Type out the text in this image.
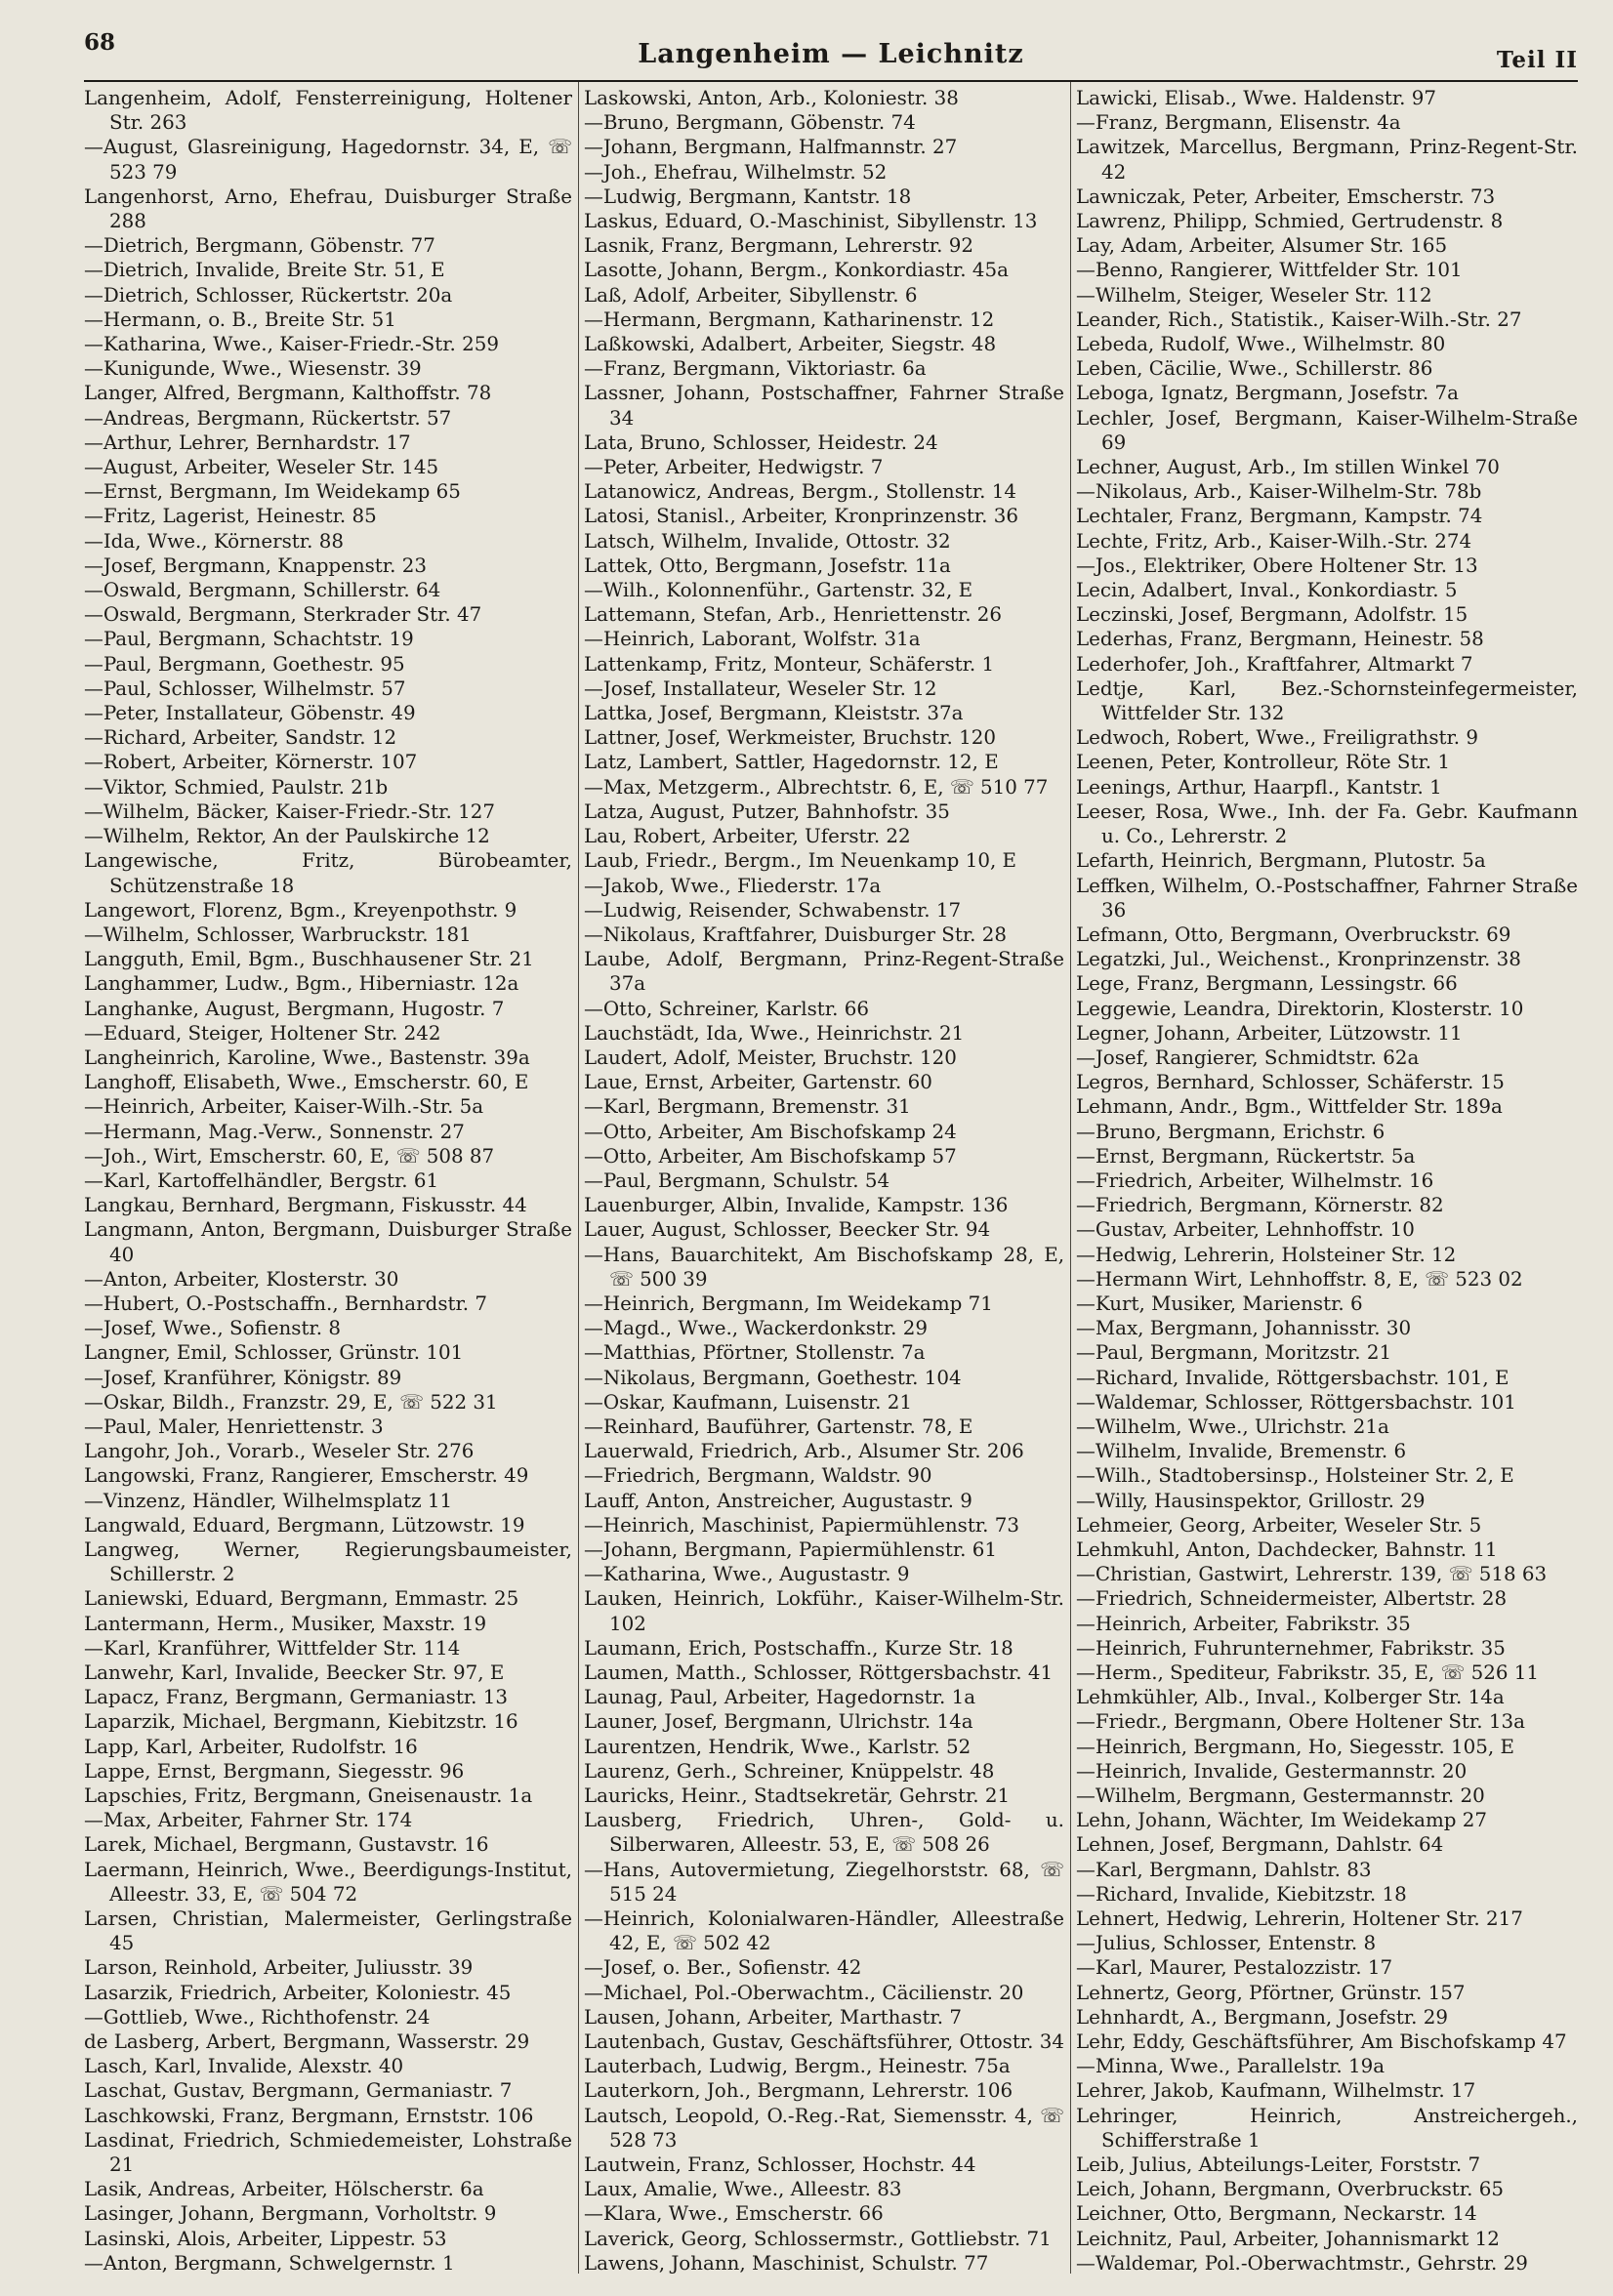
68	Langenheim — Leichnitz	Teil II

Langenheim, Adolf, Fensterreinigung, Holtener Str. 263

—August, Glasreinigung, Hagedornstr. 34, E, ☏ 523 79

Langenhorst, Arno, Ehefrau, Duisburger Straße 288

—Dietrich, Bergmann, Göbenstr. 77

—Dietrich, Invalide, Breite Str. 51, E

—Dietrich, Schlosser, Rückertstr. 20a

—Hermann, o. B., Breite Str. 51

—Katharina, Wwe., Kaiser-Friedr.-Str. 259

—Kunigunde, Wwe., Wiesenstr. 39

Langer, Alfred, Bergmann, Kalthoffstr. 78

—Andreas, Bergmann, Rückertstr. 57

—Arthur, Lehrer, Bernhardstr. 17

—August, Arbeiter, Weseler Str. 145

—Ernst, Bergmann, Im Weidekamp 65

—Fritz, Lagerist, Heinestr. 85

—Ida, Wwe., Körnerstr. 88

—Josef, Bergmann, Knappenstr. 23

—Oswald, Bergmann, Schillerstr. 64

—Oswald, Bergmann, Sterkrader Str. 47

—Paul, Bergmann, Schachtstr. 19

—Paul, Bergmann, Goethestr. 95

—Paul, Schlosser, Wilhelmstr. 57

—Peter, Installateur, Göbenstr. 49

—Richard, Arbeiter, Sandstr. 12

—Robert, Arbeiter, Körnerstr. 107

—Viktor, Schmied, Paulstr. 21b

—Wilhelm, Bäcker, Kaiser-Friedr.-Str. 127

—Wilhelm, Rektor, An der Paulskirche 12

Langewische, Fritz, Bürobeamter, Schützenstraße 18

Langewort, Florenz, Bgm., Kreyenpothstr. 9

—Wilhelm, Schlosser, Warbruckstr. 181

Langguth, Emil, Bgm., Buschhausener Str. 21

Langhammer, Ludw., Bgm., Hiberniastr. 12a

Langhanke, August, Bergmann, Hugostr. 7

—Eduard, Steiger, Holtener Str. 242

Langheinrich, Karoline, Wwe., Bastenstr. 39a

Langhoff, Elisabeth, Wwe., Emscherstr. 60, E

—Heinrich, Arbeiter, Kaiser-Wilh.-Str. 5a

—Hermann, Mag.-Verw., Sonnenstr. 27

—Joh., Wirt, Emscherstr. 60, E, ☏ 508 87

—Karl, Kartoffelhändler, Bergstr. 61

Langkau, Bernhard, Bergmann, Fiskusstr. 44

Langmann, Anton, Bergmann, Duisburger Straße 40

—Anton, Arbeiter, Klosterstr. 30

—Hubert, O.-Postschaffn., Bernhardstr. 7

—Josef, Wwe., Sofienstr. 8

Langner, Emil, Schlosser, Grünstr. 101

—Josef, Kranführer, Königstr. 89

—Oskar, Bildh., Franzstr. 29, E, ☏ 522 31

—Paul, Maler, Henriettenstr. 3

Langohr, Joh., Vorarb., Weseler Str. 276

Langowski, Franz, Rangierer, Emscherstr. 49

—Vinzenz, Händler, Wilhelmsplatz 11

Langwald, Eduard, Bergmann, Lützowstr. 19

Langweg, Werner, Regierungsbaumeister, Schillerstr. 2

Laniewski, Eduard, Bergmann, Emmastr. 25

Lantermann, Herm., Musiker, Maxstr. 19

—Karl, Kranführer, Wittfelder Str. 114

Lanwehr, Karl, Invalide, Beecker Str. 97, E

Lapacz, Franz, Bergmann, Germaniastr. 13

Laparzik, Michael, Bergmann, Kiebitzstr. 16

Lapp, Karl, Arbeiter, Rudolfstr. 16

Lappe, Ernst, Bergmann, Siegesstr. 96

Lapschies, Fritz, Bergmann, Gneisenaustr. 1a

—Max, Arbeiter, Fahrner Str. 174

Larek, Michael, Bergmann, Gustavstr. 16

Laermann, Heinrich, Wwe., Beerdigungs-Institut, Alleestr. 33, E, ☏ 504 72

Larsen, Christian, Malermeister, Gerlingstraße 45

Larson, Reinhold, Arbeiter, Juliusstr. 39

Lasarzik, Friedrich, Arbeiter, Koloniestr. 45

—Gottlieb, Wwe., Richthofenstr. 24

de Lasberg, Arbert, Bergmann, Wasserstr. 29

Lasch, Karl, Invalide, Alexstr. 40

Laschat, Gustav, Bergmann, Germaniastr. 7

Laschkowski, Franz, Bergmann, Ernststr. 106

Lasdinat, Friedrich, Schmiedemeister, Lohstraße 21

Lasik, Andreas, Arbeiter, Hölscherstr. 6a

Lasinger, Johann, Bergmann, Vorholtstr. 9

Lasinski, Alois, Arbeiter, Lippestr. 53

—Anton, Bergmann, Schwelgernstr. 1

Laskowski, Anton, Arb., Koloniestr. 38

—Bruno, Bergmann, Göbenstr. 74

—Johann, Bergmann, Halfmannstr. 27

—Joh., Ehefrau, Wilhelmstr. 52

—Ludwig, Bergmann, Kantstr. 18

Laskus, Eduard, O.-Maschinist, Sibyllenstr. 13

Lasnik, Franz, Bergmann, Lehrerstr. 92

Lasotte, Johann, Bergm., Konkordiastr. 45a

Laß, Adolf, Arbeiter, Sibyllenstr. 6

—Hermann, Bergmann, Katharinenstr. 12

Laßkowski, Adalbert, Arbeiter, Siegstr. 48

—Franz, Bergmann, Viktoriastr. 6a

Lassner, Johann, Postschaffner, Fahrner Straße 34

Lata, Bruno, Schlosser, Heidestr. 24

—Peter, Arbeiter, Hedwigstr. 7

Latanowicz, Andreas, Bergm., Stollenstr. 14

Latosi, Stanisl., Arbeiter, Kronprinzenstr. 36

Latsch, Wilhelm, Invalide, Ottostr. 32

Lattek, Otto, Bergmann, Josefstr. 11a

—Wilh., Kolonnenführ., Gartenstr. 32, E

Lattemann, Stefan, Arb., Henriettenstr. 26

—Heinrich, Laborant, Wolfstr. 31a

Lattenkamp, Fritz, Monteur, Schäferstr. 1

—Josef, Installateur, Weseler Str. 12

Lattka, Josef, Bergmann, Kleiststr. 37a

Lattner, Josef, Werkmeister, Bruchstr. 120

Latz, Lambert, Sattler, Hagedornstr. 12, E

—Max, Metzgerm., Albrechtstr. 6, E, ☏ 510 77

Latza, August, Putzer, Bahnhofstr. 35

Lau, Robert, Arbeiter, Uferstr. 22

Laub, Friedr., Bergm., Im Neuenkamp 10, E

—Jakob, Wwe., Fliederstr. 17a

—Ludwig, Reisender, Schwabenstr. 17

—Nikolaus, Kraftfahrer, Duisburger Str. 28

Laube, Adolf, Bergmann, Prinz-Regent-Straße 37a

—Otto, Schreiner, Karlstr. 66

Lauchstädt, Ida, Wwe., Heinrichstr. 21

Laudert, Adolf, Meister, Bruchstr. 120

Laue, Ernst, Arbeiter, Gartenstr. 60

—Karl, Bergmann, Bremenstr. 31

—Otto, Arbeiter, Am Bischofskamp 24

—Otto, Arbeiter, Am Bischofskamp 57

—Paul, Bergmann, Schulstr. 54

Lauenburger, Albin, Invalide, Kampstr. 136

Lauer, August, Schlosser, Beecker Str. 94

—Hans, Bauarchitekt, Am Bischofskamp 28, E, ☏ 500 39

—Heinrich, Bergmann, Im Weidekamp 71

—Magd., Wwe., Wackerdonkstr. 29

—Matthias, Pförtner, Stollenstr. 7a

—Nikolaus, Bergmann, Goethestr. 104

—Oskar, Kaufmann, Luisenstr. 21

—Reinhard, Bauführer, Gartenstr. 78, E

Lauerwald, Friedrich, Arb., Alsumer Str. 206

—Friedrich, Bergmann, Waldstr. 90

Lauff, Anton, Anstreicher, Augustastr. 9

—Heinrich, Maschinist, Papiermühlenstr. 73

—Johann, Bergmann, Papiermühlenstr. 61

—Katharina, Wwe., Augustastr. 9

Lauken, Heinrich, Lokführ., Kaiser-Wilhelm-Str. 102

Laumann, Erich, Postschaffn., Kurze Str. 18

Laumen, Matth., Schlosser, Röttgersbachstr. 41

Launag, Paul, Arbeiter, Hagedornstr. 1a

Launer, Josef, Bergmann, Ulrichstr. 14a

Laurentzen, Hendrik, Wwe., Karlstr. 52

Laurenz, Gerh., Schreiner, Knüppelstr. 48

Lauricks, Heinr., Stadtsekretär, Gehrstr. 21

Lausberg, Friedrich, Uhren-, Gold- u. Silberwaren, Alleestr. 53, E, ☏ 508 26

—Hans, Autovermietung, Ziegelhorststr. 68, ☏ 515 24

—Heinrich, Kolonialwaren-Händler, Alleestraße 42, E, ☏ 502 42

—Josef, o. Ber., Sofienstr. 42

—Michael, Pol.-Oberwachtm., Cäcilienstr. 20

Lausen, Johann, Arbeiter, Marthastr. 7

Lautenbach, Gustav, Geschäftsführer, Ottostr. 34

Lauterbach, Ludwig, Bergm., Heinestr. 75a

Lauterkorn, Joh., Bergmann, Lehrerstr. 106

Lautsch, Leopold, O.-Reg.-Rat, Siemensstr. 4, ☏ 528 73

Lautwein, Franz, Schlosser, Hochstr. 44

Laux, Amalie, Wwe., Alleestr. 83

—Klara, Wwe., Emscherstr. 66

Laverick, Georg, Schlossermstr., Gottliebstr. 71

Lawens, Johann, Maschinist, Schulstr. 77

Lawicki, Elisab., Wwe. Haldenstr. 97

—Franz, Bergmann, Elisenstr. 4a

Lawitzek, Marcellus, Bergmann, Prinz-Regent-Str. 42

Lawniczak, Peter, Arbeiter, Emscherstr. 73

Lawrenz, Philipp, Schmied, Gertrudenstr. 8

Lay, Adam, Arbeiter, Alsumer Str. 165

—Benno, Rangierer, Wittfelder Str. 101

—Wilhelm, Steiger, Weseler Str. 112

Leander, Rich., Statistik., Kaiser-Wilh.-Str. 27

Lebeda, Rudolf, Wwe., Wilhelmstr. 80

Leben, Cäcilie, Wwe., Schillerstr. 86

Leboga, Ignatz, Bergmann, Josefstr. 7a

Lechler, Josef, Bergmann, Kaiser-Wilhelm-Straße 69

Lechner, August, Arb., Im stillen Winkel 70

—Nikolaus, Arb., Kaiser-Wilhelm-Str. 78b

Lechtaler, Franz, Bergmann, Kampstr. 74

Lechte, Fritz, Arb., Kaiser-Wilh.-Str. 274

—Jos., Elektriker, Obere Holtener Str. 13

Lecin, Adalbert, Inval., Konkordiastr. 5

Leczinski, Josef, Bergmann, Adolfstr. 15

Lederhas, Franz, Bergmann, Heinestr. 58

Lederhofer, Joh., Kraftfahrer, Altmarkt 7

Ledtje, Karl, Bez.-Schornsteinfegermeister, Wittfelder Str. 132

Ledwoch, Robert, Wwe., Freiligrathstr. 9

Leenen, Peter, Kontrolleur, Röte Str. 1

Leenings, Arthur, Haarpfl., Kantstr. 1

Leeser, Rosa, Wwe., Inh. der Fa. Gebr. Kaufmann u. Co., Lehrerstr. 2

Lefarth, Heinrich, Bergmann, Plutostr. 5a

Leffken, Wilhelm, O.-Postschaffner, Fahrner Straße 36

Lefmann, Otto, Bergmann, Overbruckstr. 69

Legatzki, Jul., Weichenst., Kronprinzenstr. 38

Lege, Franz, Bergmann, Lessingstr. 66

Leggewie, Leandra, Direktorin, Klosterstr. 10

Legner, Johann, Arbeiter, Lützowstr. 11

—Josef, Rangierer, Schmidtstr. 62a

Legros, Bernhard, Schlosser, Schäferstr. 15

Lehmann, Andr., Bgm., Wittfelder Str. 189a

—Bruno, Bergmann, Erichstr. 6

—Ernst, Bergmann, Rückertstr. 5a

—Friedrich, Arbeiter, Wilhelmstr. 16

—Friedrich, Bergmann, Körnerstr. 82

—Gustav, Arbeiter, Lehnhoffstr. 10

—Hedwig, Lehrerin, Holsteiner Str. 12

—Hermann Wirt, Lehnhoffstr. 8, E, ☏ 523 02

—Kurt, Musiker, Marienstr. 6

—Max, Bergmann, Johannisstr. 30

—Paul, Bergmann, Moritzstr. 21

—Richard, Invalide, Röttgersbachstr. 101, E

—Waldemar, Schlosser, Röttgersbachstr. 101

—Wilhelm, Wwe., Ulrichstr. 21a

—Wilhelm, Invalide, Bremenstr. 6

—Wilh., Stadtobersinsp., Holsteiner Str. 2, E

—Willy, Hausinspektor, Grillostr. 29

Lehmeier, Georg, Arbeiter, Weseler Str. 5

Lehmkuhl, Anton, Dachdecker, Bahnstr. 11

—Christian, Gastwirt, Lehrerstr. 139, ☏ 518 63

—Friedrich, Schneidermeister, Albertstr. 28

—Heinrich, Arbeiter, Fabrikstr. 35

—Heinrich, Fuhrunternehmer, Fabrikstr. 35

—Herm., Spediteur, Fabrikstr. 35, E, ☏ 526 11

Lehmkühler, Alb., Inval., Kolberger Str. 14a

—Friedr., Bergmann, Obere Holtener Str. 13a

—Heinrich, Bergmann, Ho, Siegesstr. 105, E

—Heinrich, Invalide, Gestermannstr. 20

—Wilhelm, Bergmann, Gestermannstr. 20

Lehn, Johann, Wächter, Im Weidekamp 27

Lehnen, Josef, Bergmann, Dahlstr. 64

—Karl, Bergmann, Dahlstr. 83

—Richard, Invalide, Kiebitzstr. 18

Lehnert, Hedwig, Lehrerin, Holtener Str. 217

—Julius, Schlosser, Entenstr. 8

—Karl, Maurer, Pestalozzistr. 17

Lehnertz, Georg, Pförtner, Grünstr. 157

Lehnhardt, A., Bergmann, Josefstr. 29

Lehr, Eddy, Geschäftsführer, Am Bischofskamp 47

—Minna, Wwe., Parallelstr. 19a

Lehrer, Jakob, Kaufmann, Wilhelmstr. 17

Lehringer, Heinrich, Anstreichergeh., Schifferstraße 1

Leib, Julius, Abteilungs-Leiter, Forststr. 7

Leich, Johann, Bergmann, Overbruckstr. 65

Leichner, Otto, Bergmann, Neckarstr. 14

Leichnitz, Paul, Arbeiter, Johannismarkt 12

—Waldemar, Pol.-Oberwachtmstr., Gehrstr. 29
